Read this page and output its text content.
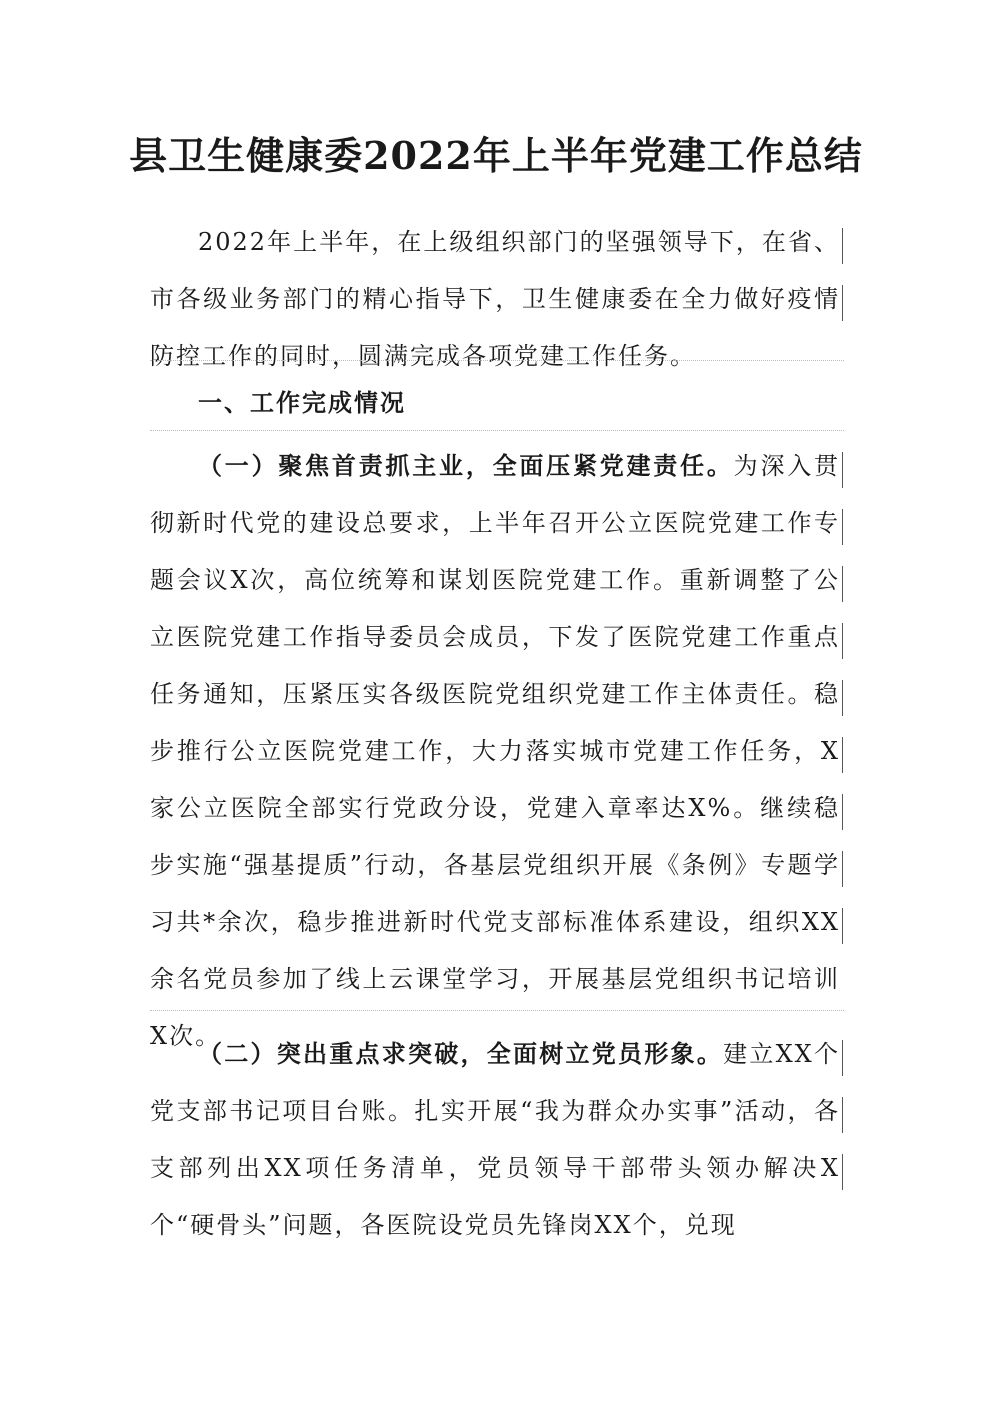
县卫生健康委2022年上半年党建工作总结
2022年上半年，在上级组织部门的坚强领导下，在省、市各级业务部门的精心指导下，卫生健康委在全力做好疫情防控工作的同时，圆满完成各项党建工作任务。
一、工作完成情况
（一）聚焦首责抓主业，全面压紧党建责任。为深入贯彻新时代党的建设总要求，上半年召开公立医院党建工作专题会议X次，高位统筹和谋划医院党建工作。重新调整了公立医院党建工作指导委员会成员，下发了医院党建工作重点任务通知，压紧压实各级医院党组织党建工作主体责任。稳步推行公立医院党建工作，大力落实城市党建工作任务，X家公立医院全部实行党政分设，党建入章率达X%。继续稳步实施“强基提质”行动，各基层党组织开展《条例》专题学习共*余次，稳步推进新时代党支部标准体系建设，组织XX余名党员参加了线上云课堂学习，开展基层党组织书记培训X次。
（二）突出重点求突破，全面树立党员形象。建立XX个党支部书记项目台账。扎实开展“我为群众办实事”活动，各支部列出XX项任务清单，党员领导干部带头领办解决X个“硬骨头”问题，各医院设党员先锋岗XX个，兑现
